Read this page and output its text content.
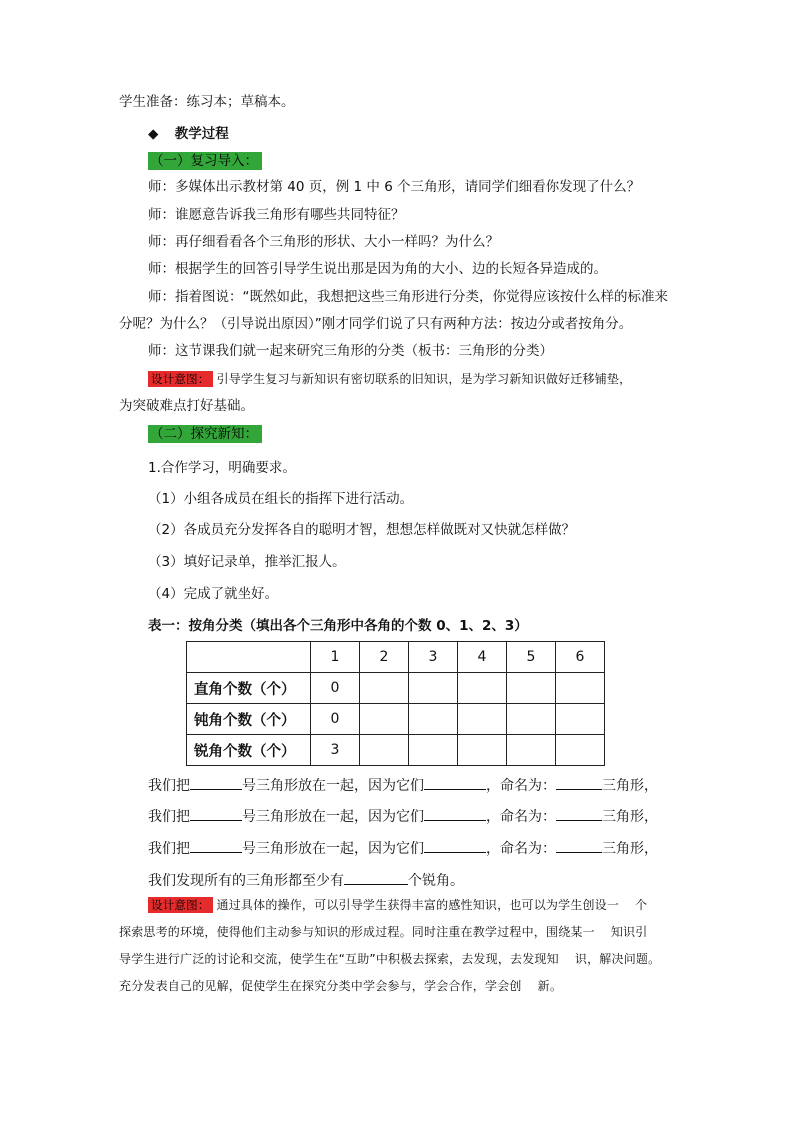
学生准备：练习本；草稿本。
◆ 教学过程
（一）复习导入：
师：多媒体出示教材第 40 页，例 1 中 6 个三角形，请同学们细看你发现了什么？
师：谁愿意告诉我三角形有哪些共同特征？
师：再仔细看看各个三角形的形状、大小一样吗？为什么？
师：根据学生的回答引导学生说出那是因为角的大小、边的长短各异造成的。
师：指着图说：“既然如此，我想把这些三角形进行分类，你觉得应该按什么样的标准来
分呢？为什么？（引导说出原因）”刚才同学们说了只有两种方法：按边分或者按角分。
师：这节课我们就一起来研究三角形的分类（板书：三角形的分类）
设计意图： 引导学生复习与新知识有密切联系的旧知识，是为学习新知识做好迁移铺垫，
为突破难点打好基础。
（二）探究新知：
1.合作学习，明确要求。
（1）小组各成员在组长的指挥下进行活动。
（2）各成员充分发挥各自的聪明才智，想想怎样做既对又快就怎样做？
（3）填好记录单，推举汇报人。
（4）完成了就坐好。
表一：按角分类（填出各个三角形中各角的个数 0、1、2、3）
	1	2	3	4	5	6
直角个数（个）	0					
钝角个数（个）	0					
锐角个数（个）	3					
我们把	号三角形放在一起，因为它们	，命名为：	三角形，
我们把	号三角形放在一起，因为它们	，命名为：	三角形，
我们把	号三角形放在一起，因为它们	，命名为：	三角形，
我们发现所有的三角形都至少有	个锐角。
设计意图： 通过具体的操作，可以引导学生获得丰富的感性知识，也可以为学生创设一    个
探索思考的环境，使得他们主动参与知识的形成过程。同时注重在教学过程中，围绕某一    知识引
导学生进行广泛的讨论和交流，使学生在“互助”中积极去探索，去发现，去发现知    识，解决问题。
充分发表自己的见解，促使学生在探究分类中学会参与，学会合作，学会创    新。
